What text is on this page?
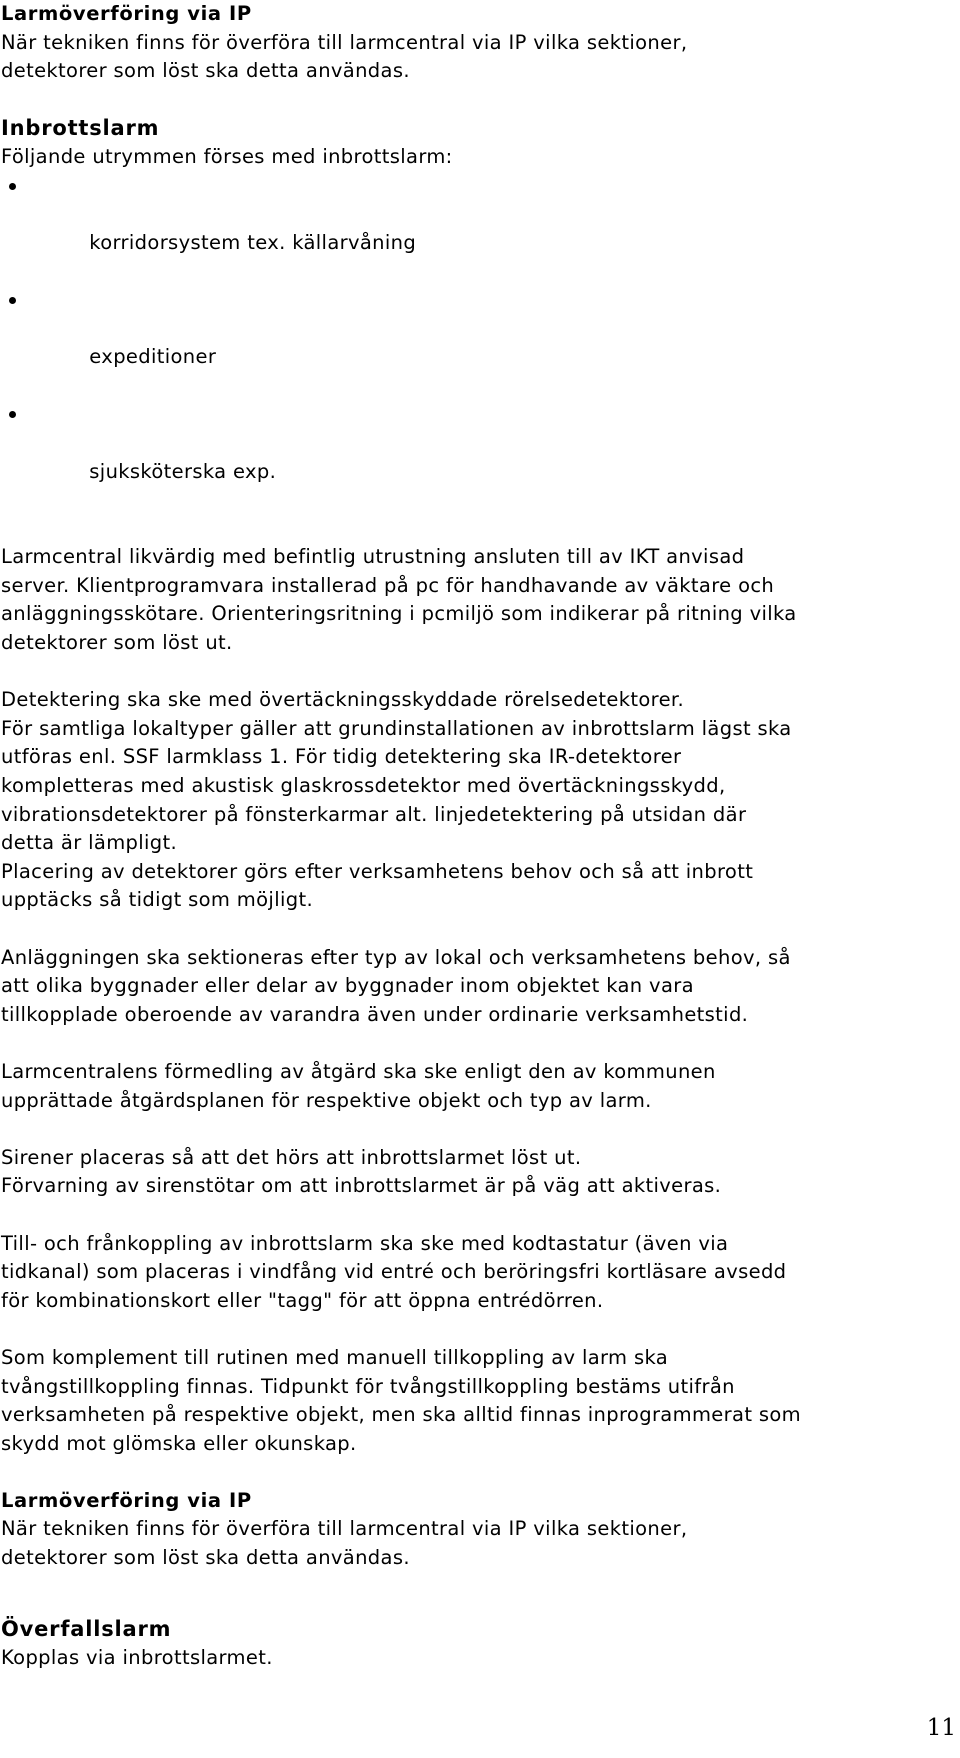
Larmöverföring via IP
När tekniken finns för överföra till larmcentral via IP vilka sektioner,
detektorer som löst ska detta användas.
Inbrottslarm
Följande utrymmen förses med inbrottslarm:

korridorsystem tex. källarvåning

expeditioner

sjuksköterska exp.

Larmcentral likvärdig med befintlig utrustning ansluten till av IKT anvisad
server. Klientprogramvara installerad på pc för handhavande av väktare och
anläggningsskötare. Orienteringsritning i pcmiljö som indikerar på ritning vilka
detektorer som löst ut.
Detektering ska ske med övertäckningsskyddade rörelsedetektorer.
För samtliga lokaltyper gäller att grundinstallationen av inbrottslarm lägst ska
utföras enl. SSF larmklass 1. För tidig detektering ska IR-detektorer
kompletteras med akustisk glaskrossdetektor med övertäckningsskydd,
vibrationsdetektorer på fönsterkarmar alt. linjedetektering på utsidan där
detta är lämpligt.
Placering av detektorer görs efter verksamhetens behov och så att inbrott
upptäcks så tidigt som möjligt.
Anläggningen ska sektioneras efter typ av lokal och verksamhetens behov, så
att olika byggnader eller delar av byggnader inom objektet kan vara
tillkopplade oberoende av varandra även under ordinarie verksamhetstid.
Larmcentralens förmedling av åtgärd ska ske enligt den av kommunen
upprättade åtgärdsplanen för respektive objekt och typ av larm.
Sirener placeras så att det hörs att inbrottslarmet löst ut.
Förvarning av sirenstötar om att inbrottslarmet är på väg att aktiveras.
Till- och frånkoppling av inbrottslarm ska ske med kodtastatur (även via
tidkanal) som placeras i vindfång vid entré och beröringsfri kortläsare avsedd
för kombinationskort eller "tagg" för att öppna entrédörren.
Som komplement till rutinen med manuell tillkoppling av larm ska
tvångstillkoppling finnas. Tidpunkt för tvångstillkoppling bestäms utifrån
verksamheten på respektive objekt, men ska alltid finnas inprogrammerat som
skydd mot glömska eller okunskap.
Larmöverföring via IP
När tekniken finns för överföra till larmcentral via IP vilka sektioner,
detektorer som löst ska detta användas.
Överfallslarm
Kopplas via inbrottslarmet.
11
